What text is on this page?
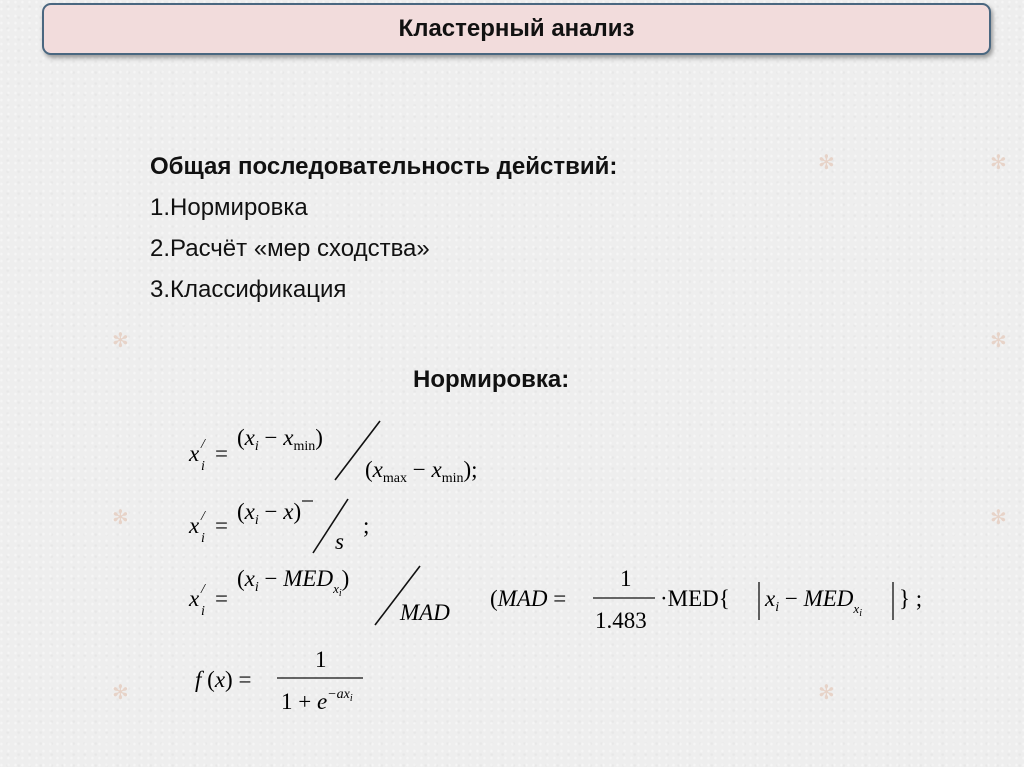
Кластерный анализ
Общая последовательность действий:
1.Нормировка
2.Расчёт «мер сходства»
3.Классификация
Нормировка:
x /
i
=
$(x_i - x_{min})$
$(x_{max} - x_{min})$;
x /
i
=
$(x_i - x)$
s
;
x /
i
=
$(x_i - MED_xi)$
MAD
(MAD =
1
1.483
·MED{ $x_i - MED_xi$
} ;
f (x) =
1
$1 + e^{-ax}i$
✻	✻
✻	✻
✻	✻
✻	✻
